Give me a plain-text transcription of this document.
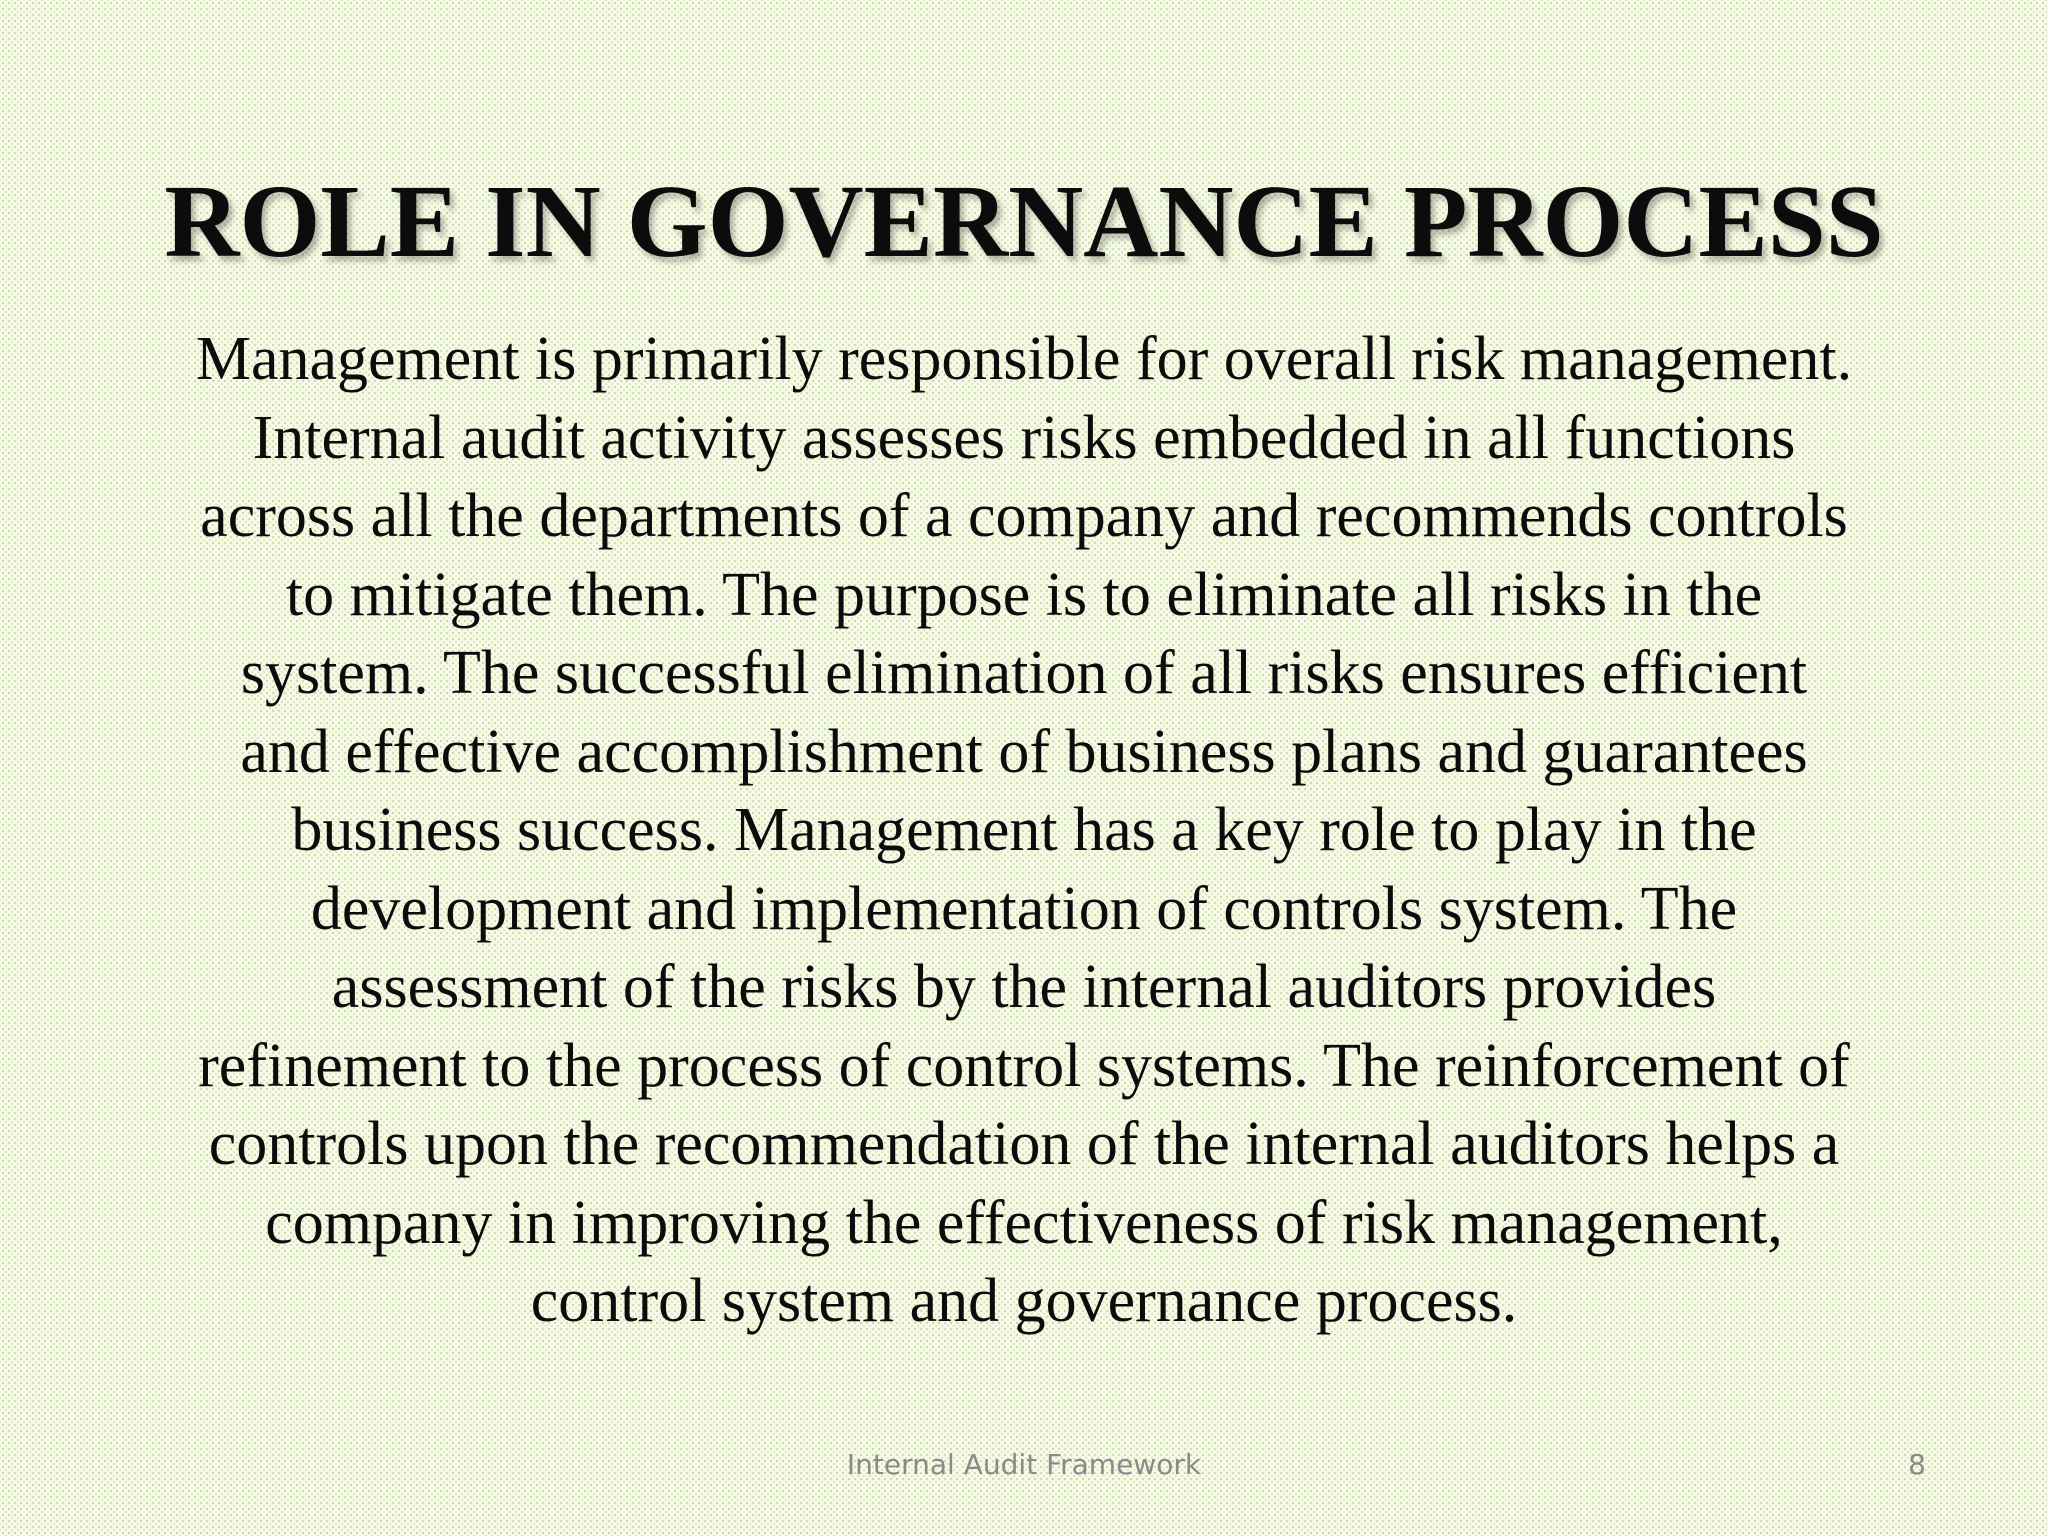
ROLE IN GOVERNANCE PROCESS

Management is primarily responsible for overall risk management.
Internal audit activity assesses risks embedded in all functions
across all the departments of a company and recommends controls
to mitigate them. The purpose is to eliminate all risks in the
system. The successful elimination of all risks ensures efficient
and effective accomplishment of business plans and guarantees
business success. Management has a key role to play in the
development and implementation of controls system. The
assessment of the risks by the internal auditors provides
refinement to the process of control systems. The reinforcement of
controls upon the recommendation of the internal auditors helps a
company in improving the effectiveness of risk management,
control system and governance process.

Internal Audit Framework	8
